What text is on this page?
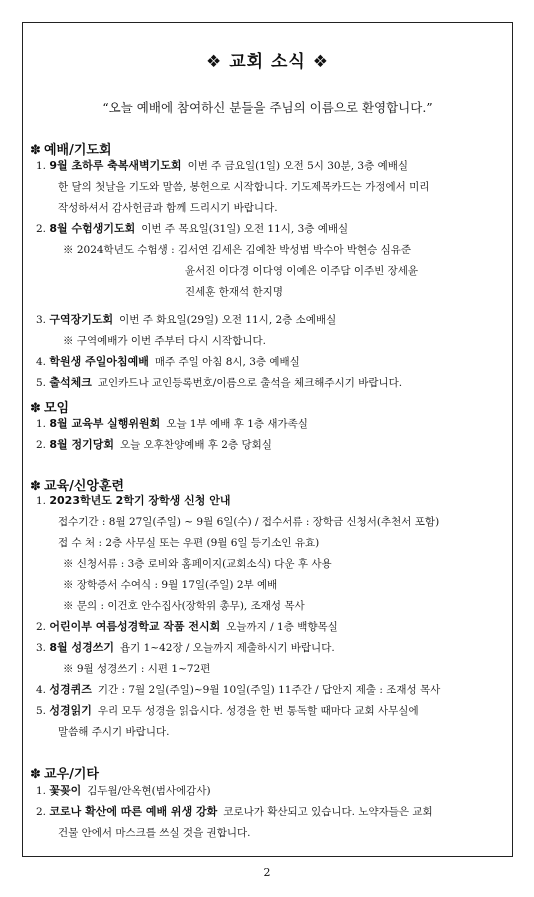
❖ 교회 소식 ❖
“오늘 예배에 참여하신 분들을 주님의 이름으로 환영합니다.”
✽ 예배/기도회
1. 9월 초하루 축복새벽기도회 이번 주 금요일(1일) 오전 5시 30분, 3층 예배실
한 달의 첫날을 기도와 말씀, 봉헌으로 시작합니다. 기도제목카드는 가정에서 미리
작성하셔서 감사헌금과 함께 드리시기 바랍니다.
2. 8월 수험생기도회 이번 주 목요일(31일) 오전 11시, 3층 예배실
※ 2024학년도 수험생 : 김서연 김세은 김예찬 박성범 박수아 박현승 심유준
윤서진 이다경 이다영 이예은 이주담 이주빈 장세윤
진세훈 한재석 한지명
3. 구역장기도회 이번 주 화요일(29일) 오전 11시, 2층 소예배실
※ 구역예배가 이번 주부터 다시 시작합니다.
4. 학원생 주일아침예배 매주 주일 아침 8시, 3층 예배실
5. 출석체크 교인카드나 교인등록번호/이름으로 출석을 체크해주시기 바랍니다.
✽ 모임
1. 8월 교육부 실행위원회 오늘 1부 예배 후 1층 새가족실
2. 8월 정기당회 오늘 오후찬양예배 후 2층 당회실
✽ 교육/신앙훈련
1. 2023학년도 2학기 장학생 신청 안내
접수기간 : 8월 27일(주일) ~ 9월 6일(수) / 접수서류 : 장학금 신청서(추천서 포함)
접 수 처 : 2층 사무실 또는 우편 (9월 6일 등기소인 유효)
※ 신청서류 : 3층 로비와 홈페이지(교회소식) 다운 후 사용
※ 장학증서 수여식 : 9월 17일(주일) 2부 예배
※ 문의 : 이건호 안수집사(장학위 총무), 조재성 목사
2. 어린이부 여름성경학교 작품 전시회 오늘까지 / 1층 백향목실
3. 8월 성경쓰기 욥기 1~42장 / 오늘까지 제출하시기 바랍니다.
※ 9월 성경쓰기 : 시편 1~72편
4. 성경퀴즈 기간 : 7월 2일(주일)~9월 10일(주일) 11주간 / 답안지 제출 : 조재성 목사
5. 성경읽기 우리 모두 성경을 읽읍시다. 성경을 한 번 통독할 때마다 교회 사무실에
말씀해 주시기 바랍니다.
✽ 교우/기타
1. 꽃꽂이 김두월/안옥현(범사에감사)
2. 코로나 확산에 따른 예배 위생 강화 코로나가 확산되고 있습니다. 노약자들은 교회
건물 안에서 마스크를 쓰실 것을 권합니다.
2
